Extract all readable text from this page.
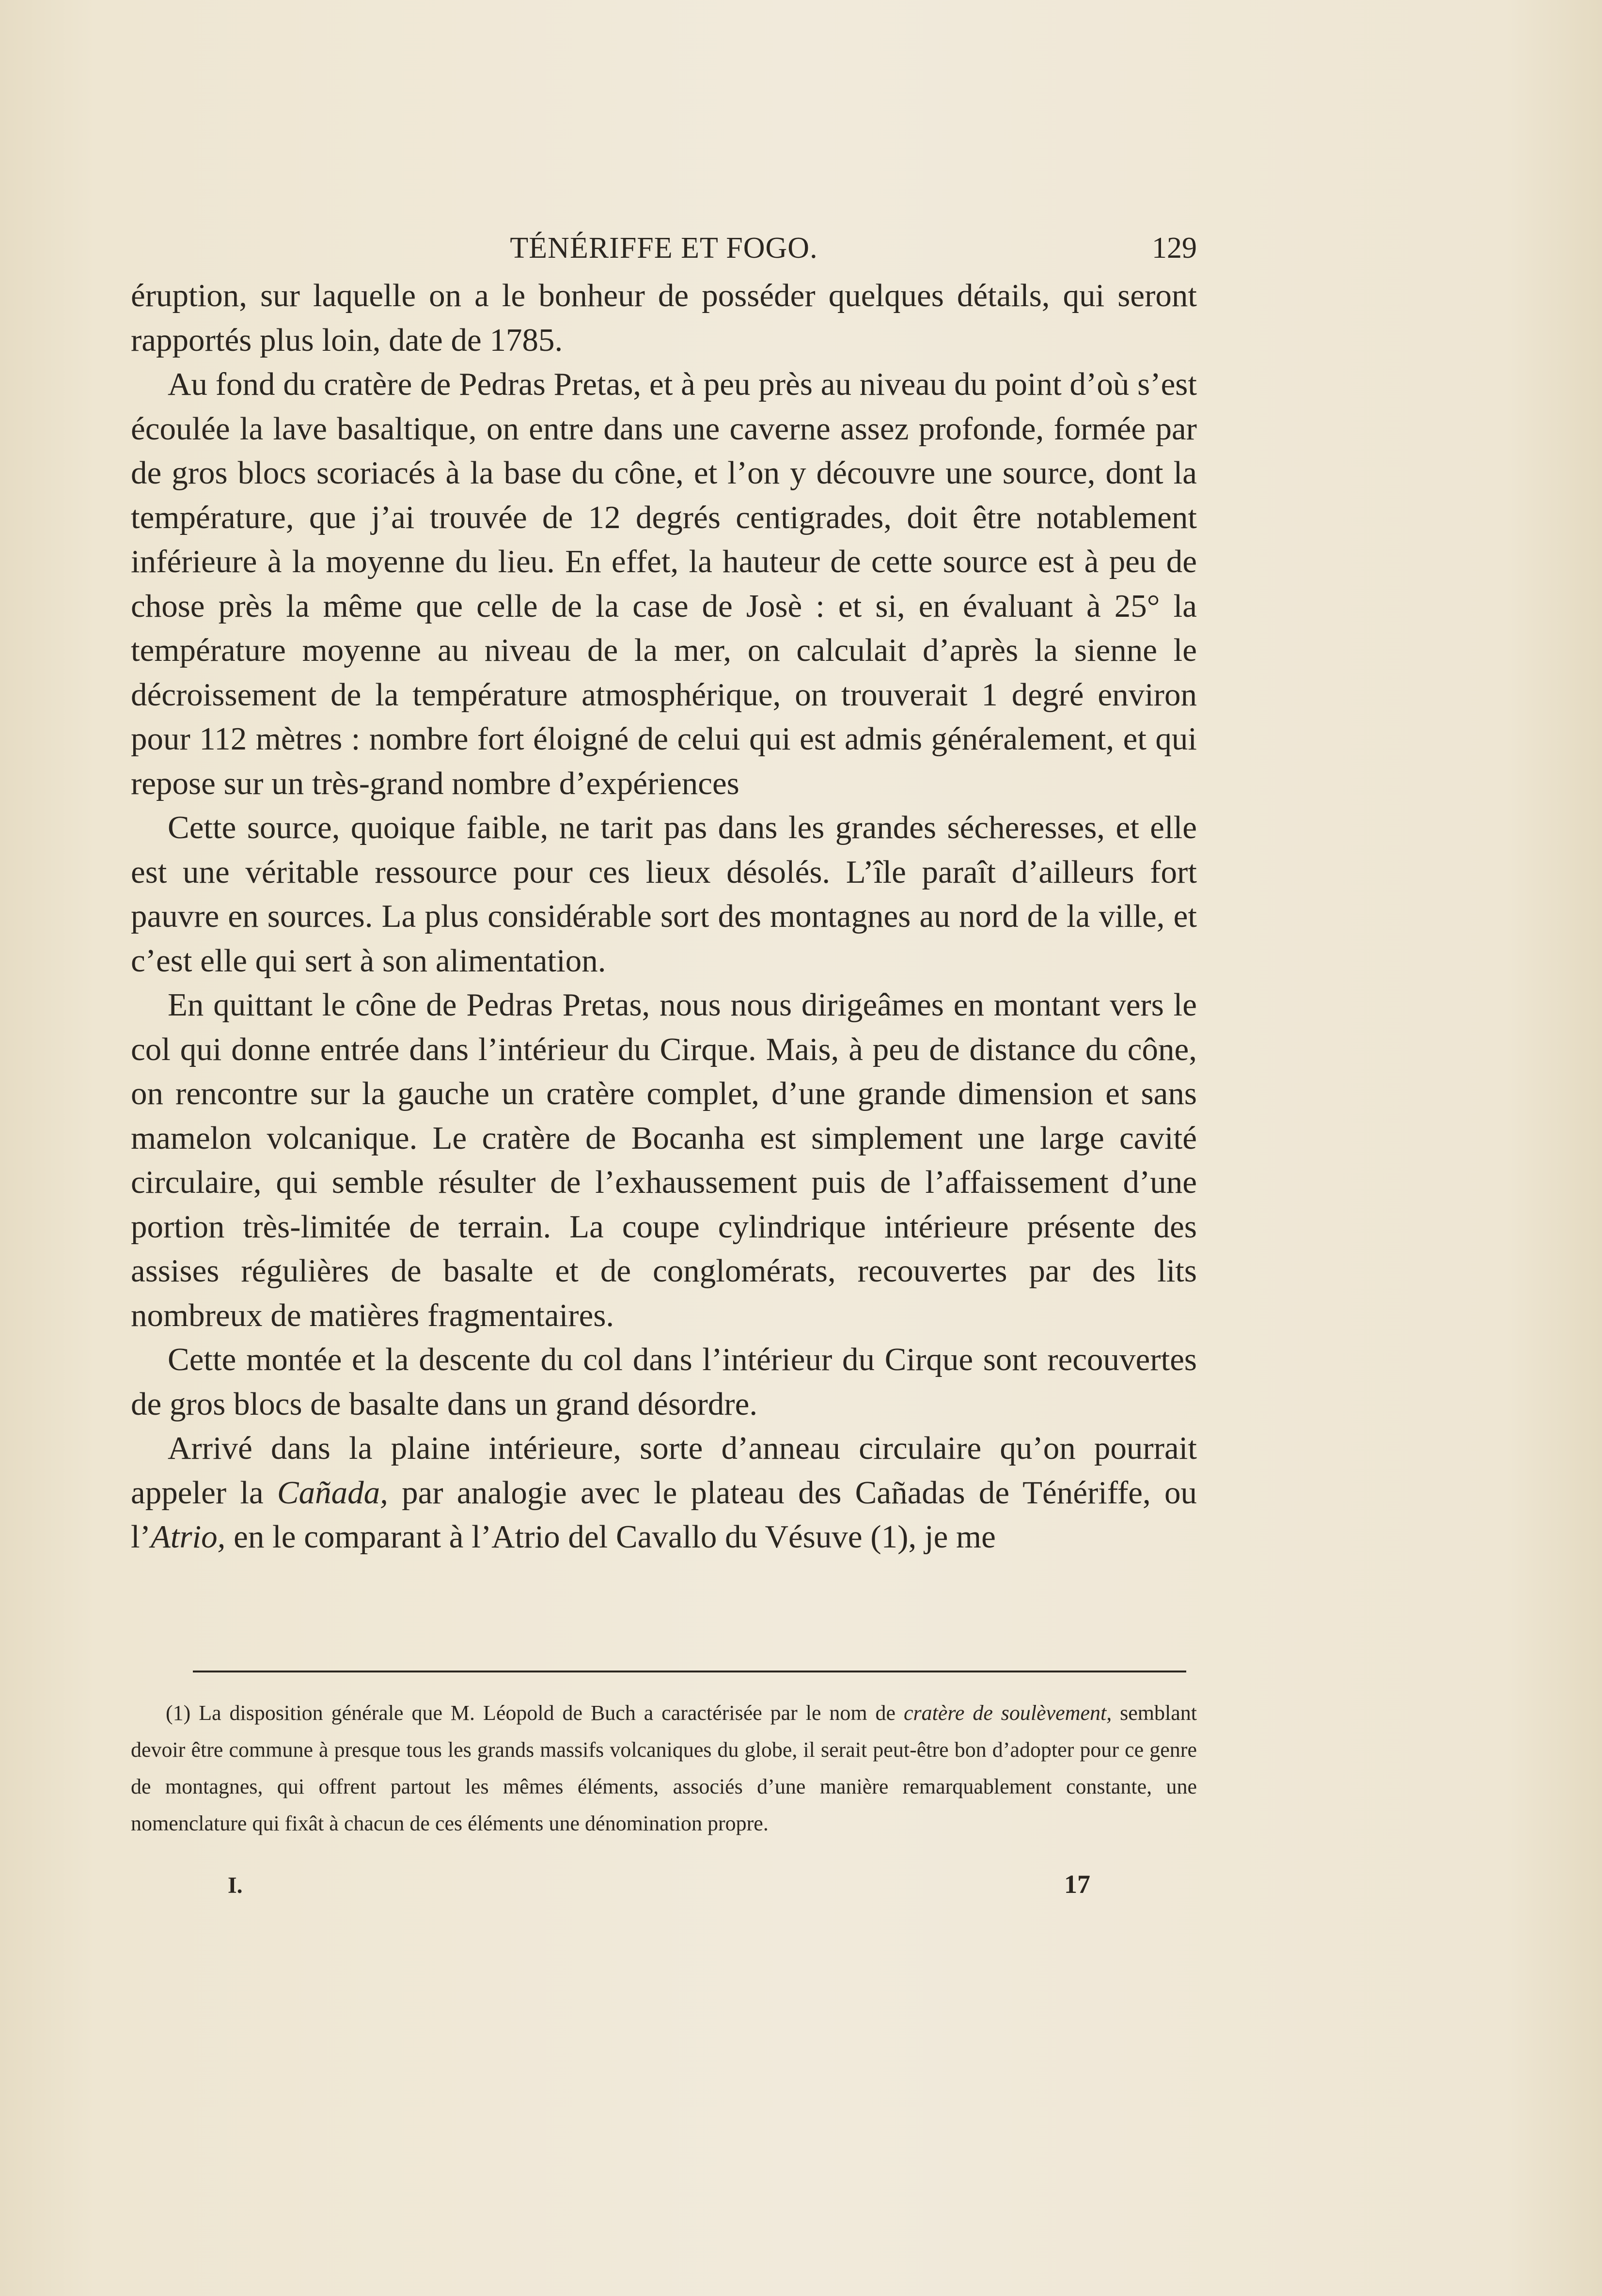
TÉNÉRIFFE ET FOGO.	129

éruption, sur laquelle on a le bonheur de posséder quelques détails, qui seront rapportés plus loin, date de 1785.

Au fond du cratère de Pedras Pretas, et à peu près au niveau du point d’où s’est écoulée la lave basaltique, on entre dans une caverne assez profonde, formée par de gros blocs scoriacés à la base du cône, et l’on y découvre une source, dont la température, que j’ai trouvée de 12 degrés centigrades, doit être notablement inférieure à la moyenne du lieu. En effet, la hauteur de cette source est à peu de chose près la même que celle de la case de Josè : et si, en évaluant à 25° la température moyenne au niveau de la mer, on calculait d’après la sienne le décroissement de la température atmosphérique, on trouverait 1 degré environ pour 112 mètres : nombre fort éloigné de celui qui est admis généralement, et qui repose sur un très-grand nombre d’expériences

Cette source, quoique faible, ne tarit pas dans les grandes sécheresses, et elle est une véritable ressource pour ces lieux désolés. L’île paraît d’ailleurs fort pauvre en sources. La plus considérable sort des montagnes au nord de la ville, et c’est elle qui sert à son alimentation.

En quittant le cône de Pedras Pretas, nous nous dirigeâmes en montant vers le col qui donne entrée dans l’intérieur du Cirque. Mais, à peu de distance du cône, on rencontre sur la gauche un cratère complet, d’une grande dimension et sans mamelon volcanique. Le cratère de Bocanha est simplement une large cavité circulaire, qui semble résulter de l’exhaussement puis de l’affaissement d’une portion très-limitée de terrain. La coupe cylindrique intérieure présente des assises régulières de basalte et de conglomérats, recouvertes par des lits nombreux de matières fragmentaires.

Cette montée et la descente du col dans l’intérieur du Cirque sont recouvertes de gros blocs de basalte dans un grand désordre.

Arrivé dans la plaine intérieure, sorte d’anneau circulaire qu’on pourrait appeler la Cañada, par analogie avec le plateau des Cañadas de Ténériffe, ou l’Atrio, en le comparant à l’Atrio del Cavallo du Vésuve (1), je me

(1) La disposition générale que M. Léopold de Buch a caractérisée par le nom de cratère de soulèvement, semblant devoir être commune à presque tous les grands massifs volcaniques du globe, il serait peut-être bon d’adopter pour ce genre de montagnes, qui offrent partout les mêmes éléments, associés d’une manière remarquablement constante, une nomenclature qui fixât à chacun de ces éléments une dénomination propre.

I.	17
